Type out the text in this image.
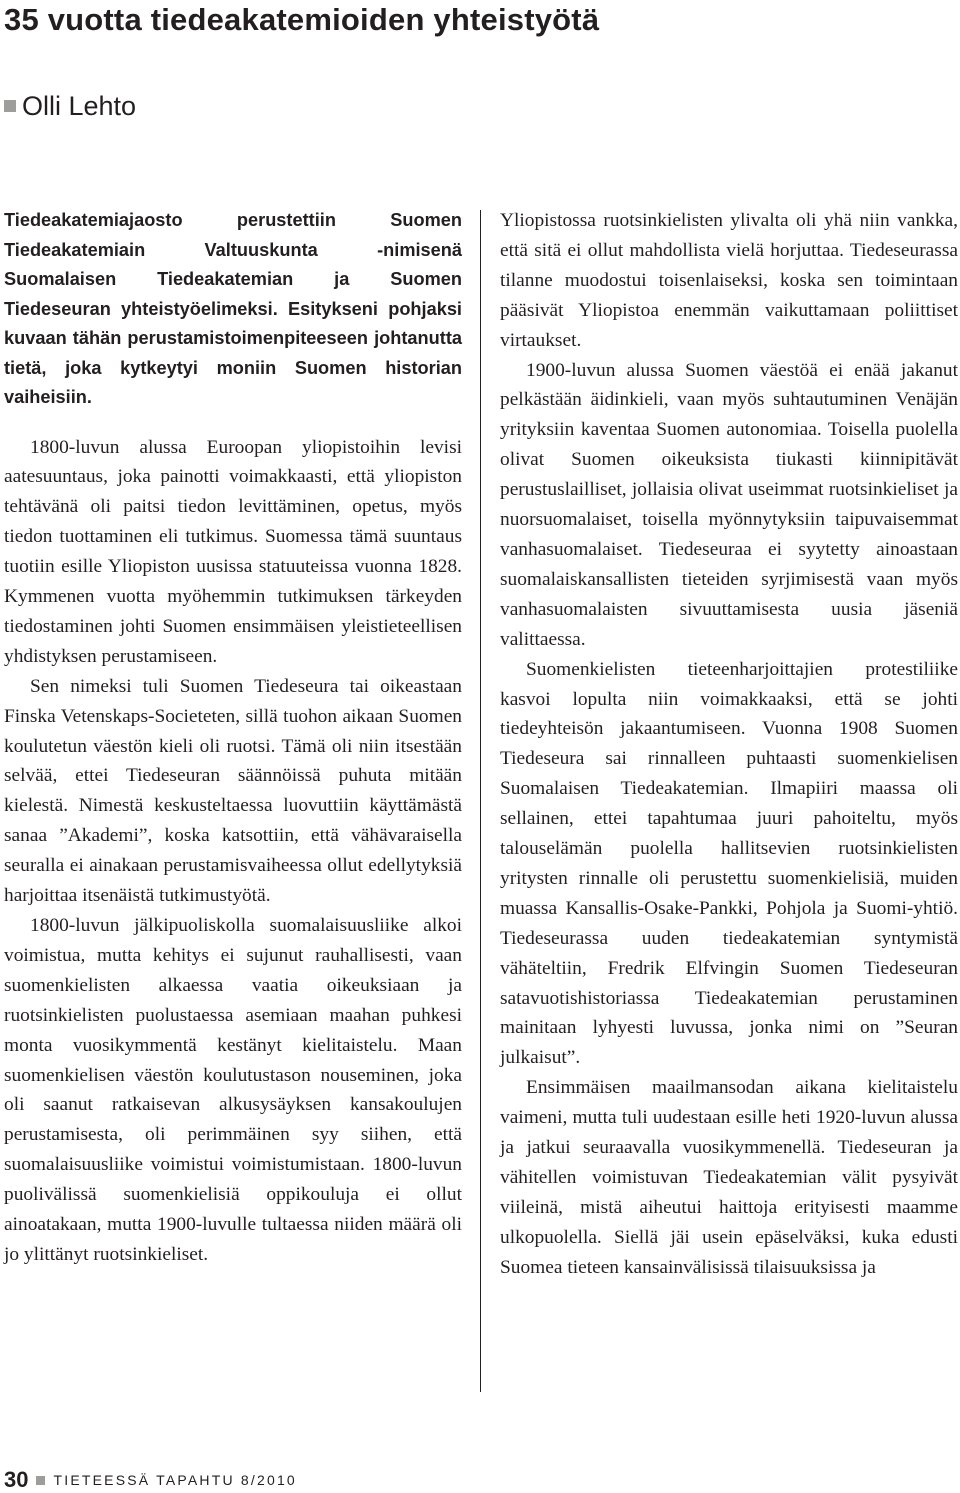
35 vuotta tiedeakatemioiden yhteistyötä
Olli Lehto

Tiedeakatemiajaosto perustettiin Suomen Tiedeakatemiain Valtuuskunta -nimisenä Suomalaisen Tiedeakatemian ja Suomen Tiedeseuran yhteistyöelimeksi. Esitykseni pohjaksi kuvaan tähän perustamistoimenpiteeseen johtanutta tietä, joka kytkeytyi moniin Suomen historian vaiheisiin.

1800-luvun alussa Euroopan yliopistoihin levisi aatesuuntaus, joka painotti voimakkaasti, että yliopiston tehtävänä oli paitsi tiedon levittäminen, opetus, myös tiedon tuottaminen eli tutkimus. Suomessa tämä suuntaus tuotiin esille Yliopiston uusissa statuuteissa vuonna 1828. Kymmenen vuotta myöhemmin tutkimuksen tärkeyden tiedostaminen johti Suomen ensimmäisen yleistieteellisen yhdistyksen perustamiseen.

Sen nimeksi tuli Suomen Tiedeseura tai oikeastaan Finska Vetenskaps-Societeten, sillä tuohon aikaan Suomen koulutetun väestön kieli oli ruotsi. Tämä oli niin itsestään selvää, ettei Tiedeseuran säännöissä puhuta mitään kielestä. Nimestä keskusteltaessa luovuttiin käyttämästä sanaa ”Akademi”, koska katsottiin, että vähävaraisella seuralla ei ainakaan perustamisvaiheessa ollut edellytyksiä harjoittaa itsenäistä tutkimustyötä.

1800-luvun jälkipuoliskolla suomalaisuusliike alkoi voimistua, mutta kehitys ei sujunut rauhallisesti, vaan suomenkielisten alkaessa vaatia oikeuksiaan ja ruotsinkielisten puolustaessa asemiaan maahan puhkesi monta vuosikymmentä kestänyt kielitaistelu. Maan suomenkielisen väestön koulutustason nouseminen, joka oli saanut ratkaisevan alkusysäyksen kansakoulujen perustamisesta, oli perimmäinen syy siihen, että suomalaisuusliike voimistui voimistumistaan. 1800-luvun puolivälissä suomenkielisiä oppikouluja ei ollut ainoatakaan, mutta 1900-luvulle tultaessa niiden määrä oli jo ylittänyt ruotsinkieliset.

Yliopistossa ruotsinkielisten ylivalta oli yhä niin vankka, että sitä ei ollut mahdollista vielä horjuttaa. Tiedeseurassa tilanne muodostui toisenlaiseksi, koska sen toimintaan pääsivät Yliopistoa enemmän vaikuttamaan poliittiset virtaukset.

1900-luvun alussa Suomen väestöä ei enää jakanut pelkästään äidinkieli, vaan myös suhtautuminen Venäjän yrityksiin kaventaa Suomen autonomiaa. Toisella puolella olivat Suomen oikeuksista tiukasti kiinnipitävät perustuslailliset, jollaisia olivat useimmat ruotsinkieliset ja nuorsuomalaiset, toisella myönnytyksiin taipuvaisemmat vanhasuomalaiset. Tiedeseuraa ei syytetty ainoastaan suomalaiskansallisten tieteiden syrjimisestä vaan myös vanhasuomalaisten sivuuttamisesta uusia jäseniä valittaessa.

Suomenkielisten tieteenharjoittajien protestiliike kasvoi lopulta niin voimakkaaksi, että se johti tiedeyhteisön jakaantumiseen. Vuonna 1908 Suomen Tiedeseura sai rinnalleen puhtaasti suomenkielisen Suomalaisen Tiedeakatemian. Ilmapiiri maassa oli sellainen, ettei tapahtumaa juuri pahoiteltu, myös talouselämän puolella hallitsevien ruotsinkielisten yritysten rinnalle oli perustettu suomenkielisiä, muiden muassa Kansallis-Osake-Pankki, Pohjola ja Suomi-yhtiö. Tiedeseurassa uuden tiedeakatemian syntymistä vähäteltiin, Fredrik Elfvingin Suomen Tiedeseuran satavuotishistoriassa Tiedeakatemian perustaminen mainitaan lyhyesti luvussa, jonka nimi on ”Seuran julkaisut”.

Ensimmäisen maailmansodan aikana kielitaistelu vaimeni, mutta tuli uudestaan esille heti 1920-luvun alussa ja jatkui seuraavalla vuosikymmenellä. Tiedeseuran ja vähitellen voimistuvan Tiedeakatemian välit pysyivät viileinä, mistä aiheutui haittoja erityisesti maamme ulkopuolella. Siellä jäi usein epäselväksi, kuka edusti Suomea tieteen kansainvälisissä tilaisuuksissa ja

30 TIETEESSÄ TAPAHTU 8/2010
